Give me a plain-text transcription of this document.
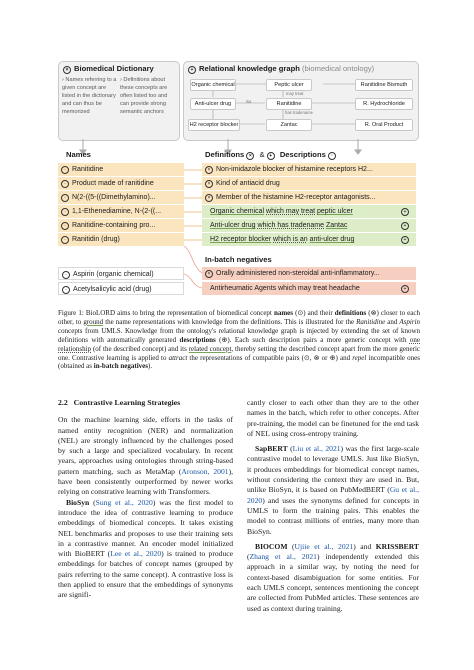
× Biomedical Dictionary
› Names referring to a given concept are listed in the dictionary and can thus be memorized
› Definitions about these concepts are often listed too and can provide strong semantic anchors
+ Relational knowledge graph (biomedical ontology)
Organic chemical	Peptic ulcer	Ranitidine Bismuth
may treat
Anti-ulcer drug	Ranitidine	R. Hydrochloride
isa
has tradename
H2 receptor blocker	Zantac	R. Oral Product
Names	Definitions × & + Descriptions ·
· Ranitidine
· Product made of ranitidine
· N(2-((5-((Dimethylamino)...
· 1,1-Ethenediamine, N-(2-((...
· Ranitidine-containing pro...
· Ranitidin (drug)
× Non-imidazole blocker of histamine receptors H2...
× Kind of antiacid drug
× Member of the histamine H2-receptor antagonists...
Organic chemical which may treat peptic ulcer	+
Anti-ulcer drug which has tradename Zantac	+
H2 receptor blocker which is an anti-ulcer drug	+
In-batch negatives
· Aspirin (organic chemical)
· Acetylsalicylic acid (drug)
× Orally administered non-steroidal anti-inflammatory...
Antirheumatic Agents which may treat headache	+
Figure 1: BioLORD aims to bring the representation of biomedical concept names (⊙) and their definitions (⊗) closer to each other, to ground the name representations with knowledge from the definitions. This is illustrated for the Ranitidine and Aspirin concepts from UMLS. Knowledge from the ontology's relational knowledge graph is injected by extending the set of known definitions with automatically generated descriptions (⊕). Each such description pairs a more generic concept with one relationship (of the described concept) and its related concept, thereby setting the described concept apart from the more generic one. Contrastive learning is applied to attract the representations of compatible pairs (⊙, ⊗ or ⊕) and repel incompatible ones (obtained as in-batch negatives).

2.2 Contrastive Learning Strategies

On the machine learning side, efforts in the tasks of named entity recognition (NER) and normalization (NEL) are strongly influenced by the challenges posed by such a large and specialized vocabulary. In recent years, approaches using ontologies through string-based pattern matching, such as MetaMap (Aronson, 2001), have been consistently outperformed by newer works relying on constrative learning with Transformers.

BioSyn (Sung et al., 2020) was the first model to introduce the idea of contrastive learning to produce embeddings of biomedical concepts. It takes existing NEL benchmarks and proposes to use their training sets in a contrastive manner. An encoder model initialized with BioBERT (Lee et al., 2020) is trained to produce embeddings for batches of concept names (grouped by pairs referring to the same concept). A contrastive loss is then applied to ensure that the embeddings of synonyms are signifi-

cantly closer to each other than they are to the other names in the batch, which refer to other concepts. After pre-training, the model can be finetuned for the end task of NEL using cross-entropy training.

SapBERT (Liu et al., 2021) was the first large-scale contrastive model to leverage UMLS. Just like BioSyn, it produces embeddings for biomedical concept names, without considering the context they are used in. But, unlike BioSyn, it is based on PubMedBERT (Gu et al., 2020) and uses the synonyms defined for concepts in UMLS to form the training pairs. This enables the model to contrast millions of entries, many more than BioSyn.

BIOCOM (Ujiie et al., 2021) and KRISSBERT (Zhang et al., 2021) independently extended this approach in a similar way, by noting the need for context-based disambiguation for some entities. For each UMLS concept, sentences mentioning the concept are collected from PubMed articles. These sentences are used as context during training.
